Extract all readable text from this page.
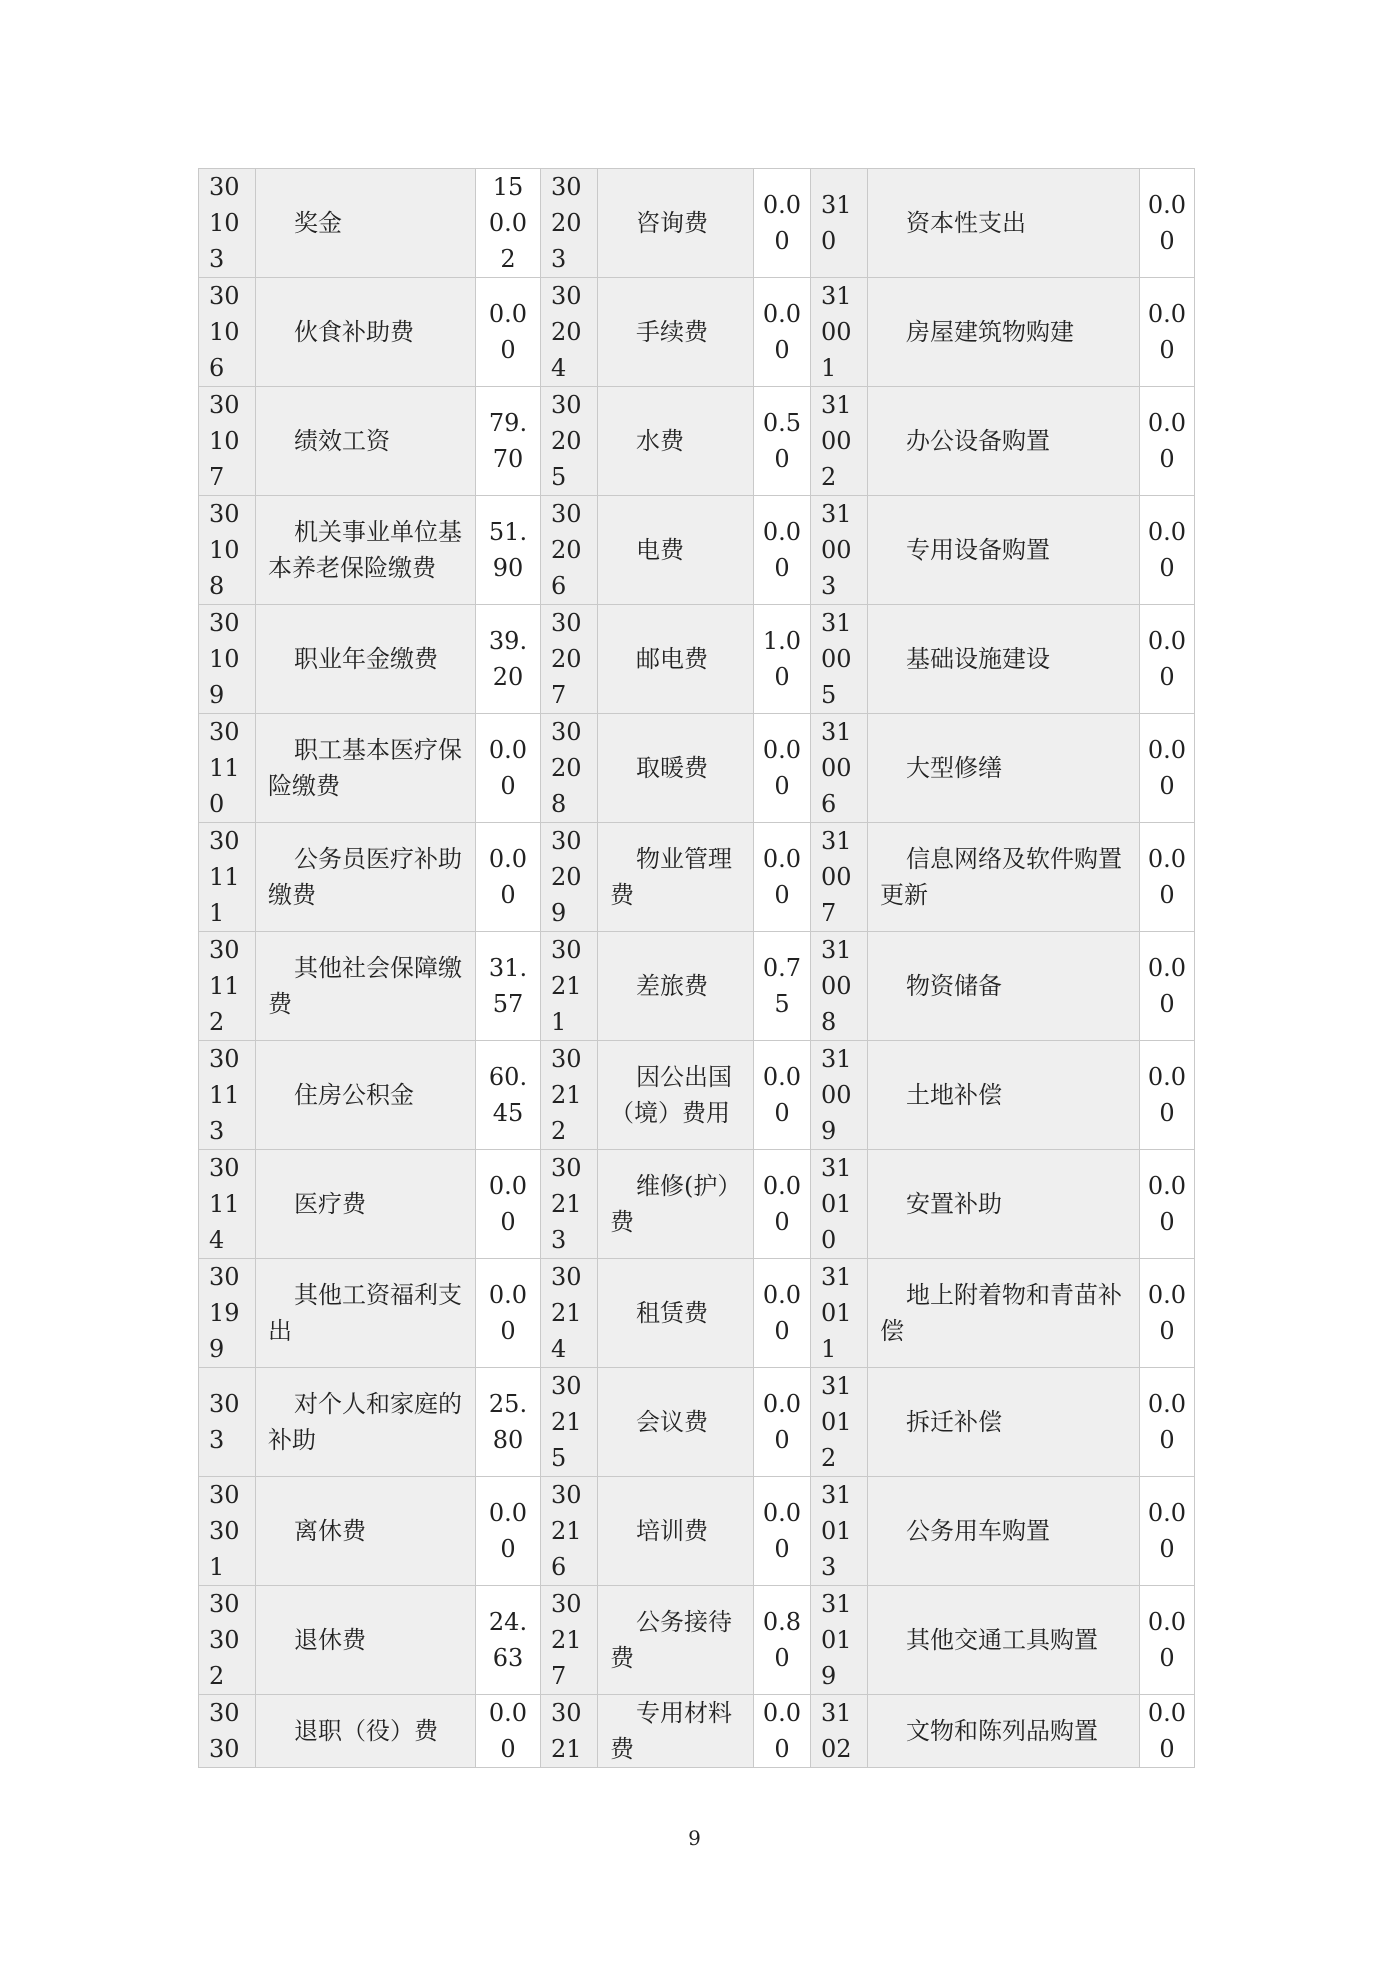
30103	奖金	150.02	30203	咨询费	0.00	310	资本性支出	0.00
30106	伙食补助费	0.00	30204	手续费	0.00	31001	房屋建筑物购建	0.00
30107	绩效工资	79.70	30205	水费	0.50	31002	办公设备购置	0.00
30108	机关事业单位基本养老保险缴费	51.90	30206	电费	0.00	31003	专用设备购置	0.00
30109	职业年金缴费	39.20	30207	邮电费	1.00	31005	基础设施建设	0.00
30110	职工基本医疗保险缴费	0.00	30208	取暖费	0.00	31006	大型修缮	0.00
30111	公务员医疗补助缴费	0.00	30209	物业管理费	0.00	31007	信息网络及软件购置更新	0.00
30112	其他社会保障缴费	31.57	30211	差旅费	0.75	31008	物资储备	0.00
30113	住房公积金	60.45	30212	因公出国（境）费用	0.00	31009	土地补偿	0.00
30114	医疗费	0.00	30213	维修(护）费	0.00	31010	安置补助	0.00
30199	其他工资福利支出	0.00	30214	租赁费	0.00	31011	地上附着物和青苗补偿	0.00
303	对个人和家庭的补助	25.80	30215	会议费	0.00	31012	拆迁补偿	0.00
30301	离休费	0.00	30216	培训费	0.00	31013	公务用车购置	0.00
30302	退休费	24.63	30217	公务接待费	0.80	31019	其他交通工具购置	0.00
3030	退职（役）费	0.00	3021	专用材料费	0.00	3102	文物和陈列品购置	0.00
9
